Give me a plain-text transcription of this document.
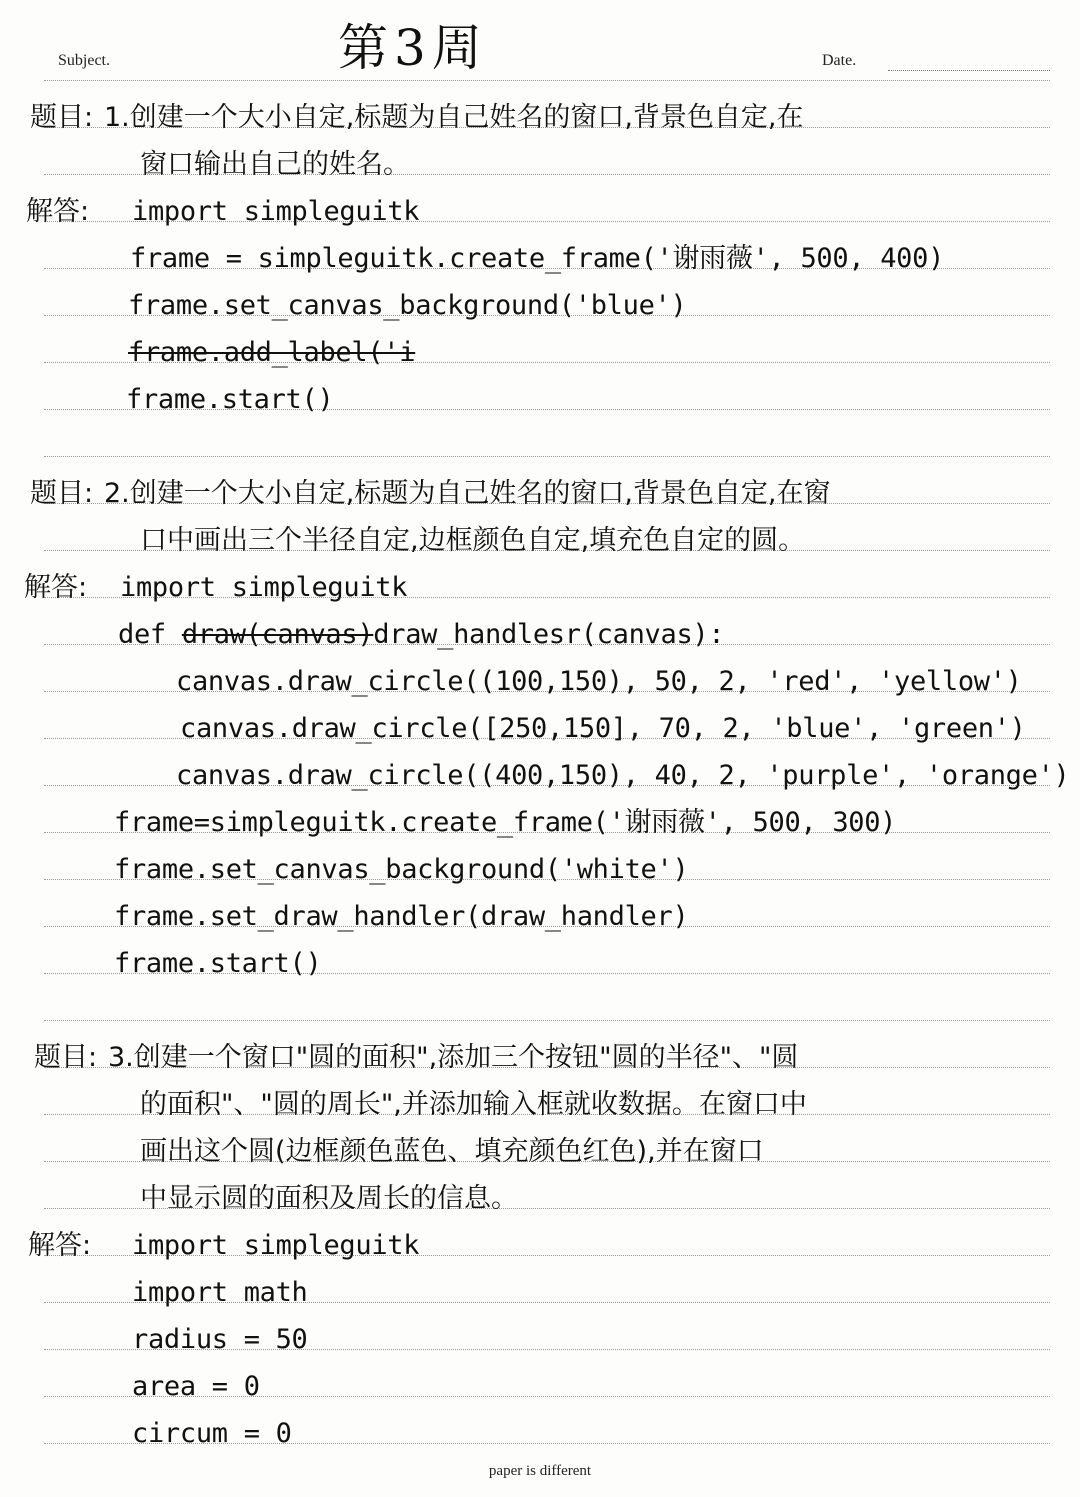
Subject.	第3周	Date.
题目: 1.创建一个大小自定,标题为自己姓名的窗口,背景色自定,在
窗口输出自己的姓名。
解答: import simpleguitk
frame = simpleguitk.create_frame('谢雨薇', 500, 400)
frame.set_canvas_background('blue')
frame.add_label('i
frame.start()
题目: 2.创建一个大小自定,标题为自己姓名的窗口,背景色自定,在窗
口中画出三个半径自定,边框颜色自定,填充色自定的圆。
解答: import simpleguitk
def draw(canvas)draw_handlesr(canvas):
canvas.draw_circle((100,150), 50, 2, 'red', 'yellow')
canvas.draw_circle([250,150], 70, 2, 'blue', 'green')
canvas.draw_circle((400,150), 40, 2, 'purple', 'orange')
frame=simpleguitk.create_frame('谢雨薇', 500, 300)
frame.set_canvas_background('white')
frame.set_draw_handler(draw_handler)
frame.start()
题目: 3.创建一个窗口"圆的面积",添加三个按钮"圆的半径"、"圆
的面积"、"圆的周长",并添加输入框就收数据。在窗口中
画出这个圆(边框颜色蓝色、填充颜色红色),并在窗口
中显示圆的面积及周长的信息。
解答: import simpleguitk
import math
radius = 50
area = 0
circum = 0
paper is different
